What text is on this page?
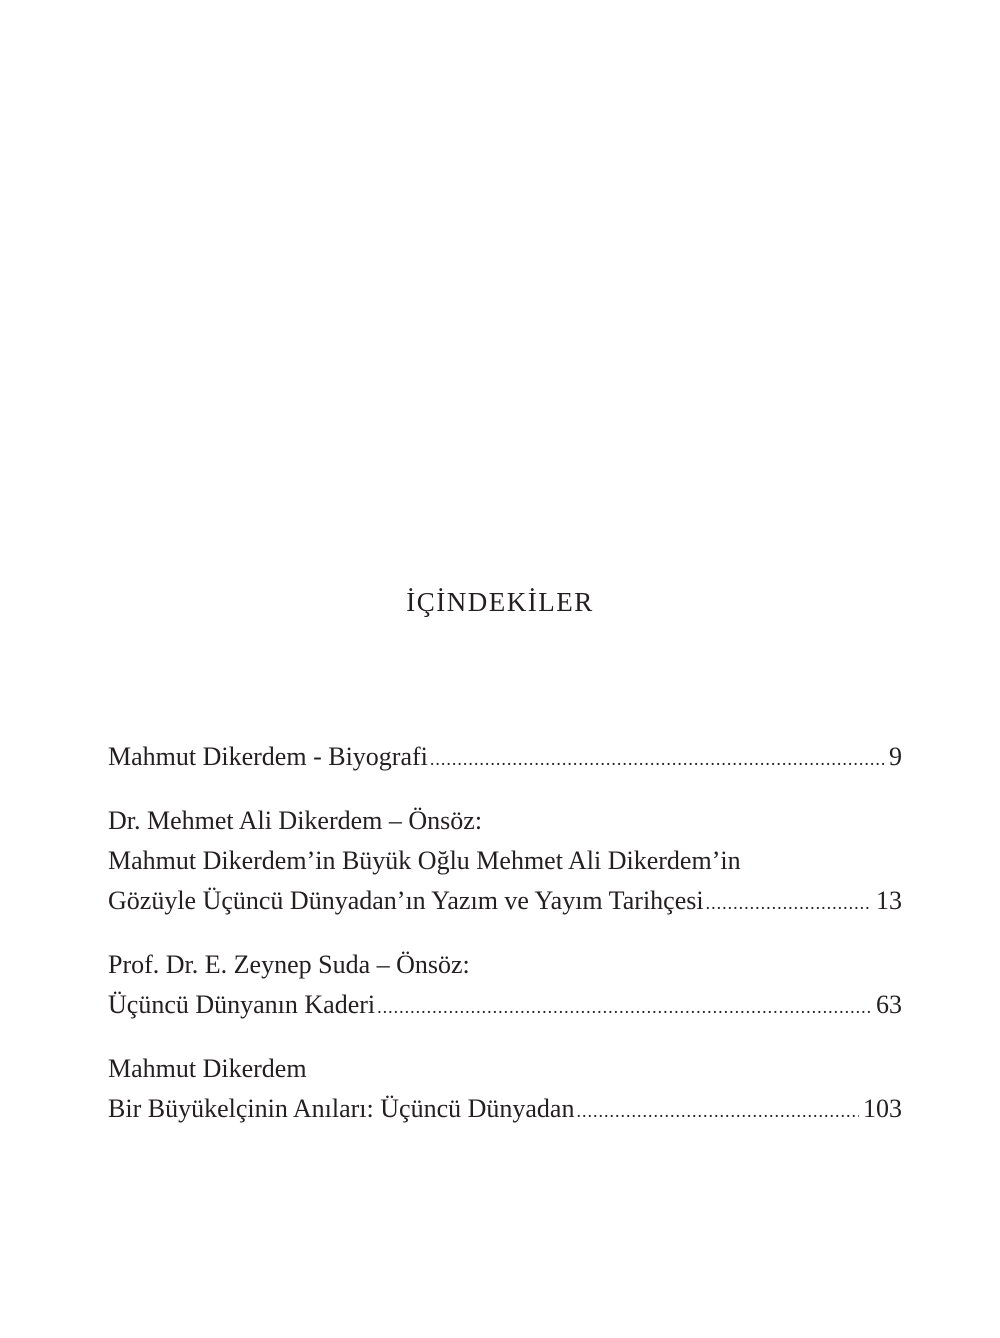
İÇİNDEKİLER
Mahmut Dikerdem - Biyografi .....	9
Dr. Mehmet Ali Dikerdem – Önsöz:
Mahmut Dikerdem’in Büyük Oğlu Mehmet Ali Dikerdem’in
Gözüyle Üçüncü Dünyadan’ın Yazım ve Yayım Tarihçesi .....	13
Prof. Dr. E. Zeynep Suda – Önsöz:
Üçüncü Dünyanın Kaderi .....	63
Mahmut Dikerdem
Bir Büyükelçinin Anıları: Üçüncü Dünyadan .....	103
